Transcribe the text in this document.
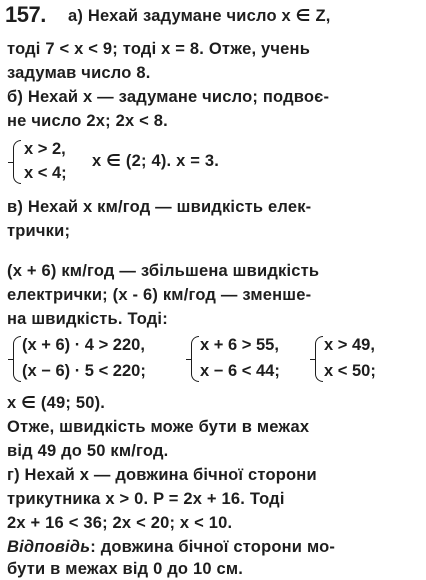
157. а) Нехай задумане число x ∈ Z,
тоді 7 < x < 9; тоді x = 8. Отже, учень
задумав число 8.
б) Нехай x — задумане число; подвоє-
не число 2x; 2x < 8.
x > 2,
x < 4;
x ∈ (2; 4). x = 3.
в) Нехай x км/год — швидкість елек-
трички;
(x + 6) км/год — збільшена швидкість
електрички; (x - 6) км/год — зменше-
на швидкість. Тоді:
(x + 6) · 4 > 220,
(x − 6) · 5 < 220;
x + 6 > 55,
x − 6 < 44;
x > 49,
x < 50;
x ∈ (49; 50).
Отже, швидкість може бути в межах
від 49 до 50 км/год.
г) Нехай x — довжина бічної сторони
трикутника x > 0. P = 2x + 16. Тоді
2x + 16 < 36; 2x < 20; x < 10.
Відповідь: довжина бічної сторони мо-
бути в межах від 0 до 10 см.
